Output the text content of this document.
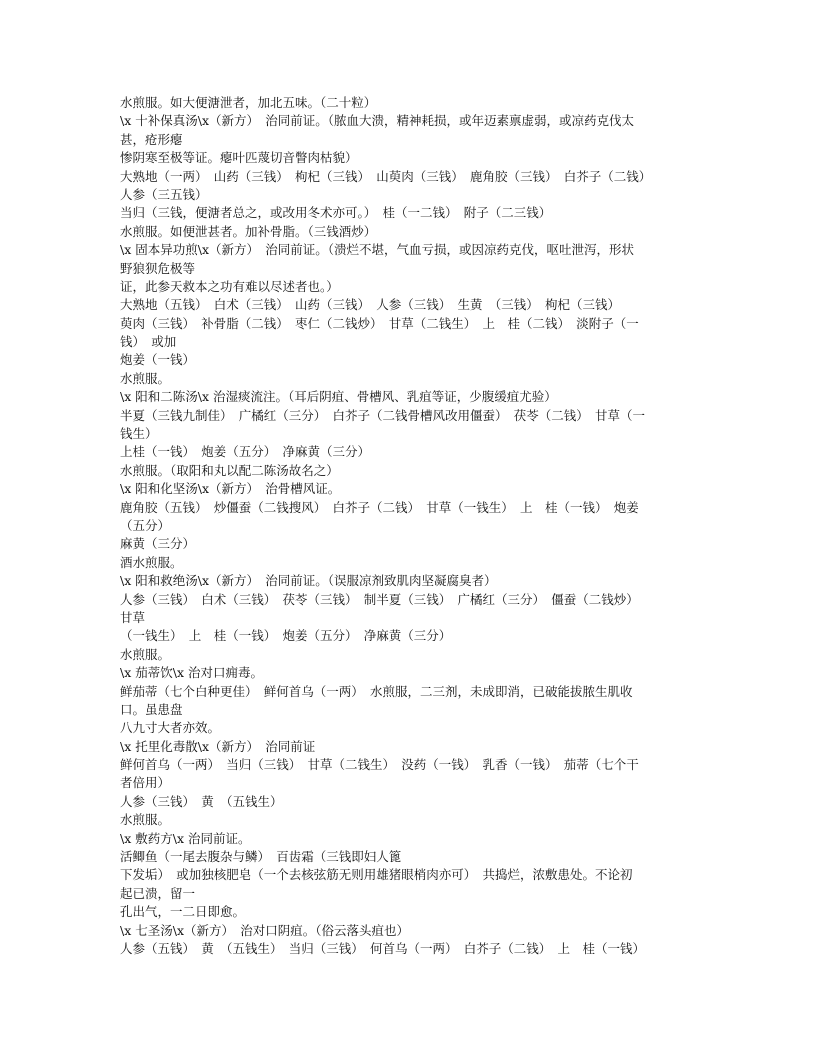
水煎服。如大便溏泄者，加北五味。（二十粒）
\x 十补保真汤\x（新方）　治同前证。（脓血大溃，精神耗损，或年迈素禀虚弱，或凉药克伐太
甚，疮形瘪
惨阴寒至极等证。瘪叶匹蔑切音瞥肉枯貌）
大熟地（一两）　山药（三钱）　枸杞（三钱）　山萸肉（三钱）　鹿角胶（三钱）　白芥子（二钱）
人参（三五钱）
当归（三钱，便溏者总之，或改用冬术亦可。）　桂（一二钱）　附子（二三钱）
水煎服。如便泄甚者。加补骨脂。（三钱酒炒）
\x 固本异功煎\x（新方）　治同前证。（溃烂不堪，气血亏损，或因凉药克伐，呕吐泄泻，形状
野狼狈危极等
证，此参天救本之功有难以尽述者也。）
大熟地（五钱）　白术（三钱）　山药（三钱）　人参（三钱）　生黄　（三钱）　枸杞（三钱）
萸肉（三钱）　补骨脂（二钱）　枣仁（二钱炒）　甘草（二钱生）　上　桂（二钱）　淡附子（一
钱）　或加
炮姜（一钱）
水煎服。
\x 阳和二陈汤\x 治湿痰流注。（耳后阴疽、骨槽风、乳疽等证，少腹缓疽尤验）
半夏（三钱九制佳）　广橘红（三分）　白芥子（二钱骨槽风改用僵蚕）　茯苓（二钱）　甘草（一
钱生）
上桂（一钱）　炮姜（五分）　净麻黄（三分）
水煎服。（取阳和丸以配二陈汤故名之）
\x 阳和化坚汤\x（新方）　治骨槽风证。
鹿角胶（五钱）　炒僵蚕（二钱搜风）　白芥子（二钱）　甘草（一钱生）　上　桂（一钱）　炮姜
（五分）
麻黄（三分）
酒水煎服。
\x 阳和救绝汤\x（新方）　治同前证。（误服凉剂致肌肉坚凝腐臭者）
人参（三钱）　白术（三钱）　茯苓（三钱）　制半夏（三钱）　广橘红（三分）　僵蚕（二钱炒）
甘草
（一钱生）　上　桂（一钱）　炮姜（五分）　净麻黄（三分）
水煎服。
\x 茄蒂饮\x 治对口痈毒。
鲜茄蒂（七个白种更佳）　鲜何首乌（一两）　水煎服，二三剂，未成即消，已破能拔脓生肌收
口。虽患盘
八九寸大者亦效。
\x 托里化毒散\x（新方）　治同前证
鲜何首乌（一两）　当归（三钱）　甘草（二钱生）　没药（一钱）　乳香（一钱）　茄蒂（七个干
者倍用）
人参（三钱）　黄　（五钱生）
水煎服。
\x 敷药方\x 治同前证。
活鲫鱼（一尾去腹杂与鳞）　百齿霜（三钱即妇人篦
下发垢）　或加独核肥皂（一个去核弦筋无则用雄猪眼梢肉亦可）　共捣烂，浓敷患处。不论初
起已溃，留一
孔出气，一二日即愈。
\x 七圣汤\x（新方）　治对口阴疽。（俗云落头疽也）
人参（五钱）　黄　（五钱生）　当归（三钱）　何首乌（一两）　白芥子（二钱）　上　桂（一钱）
